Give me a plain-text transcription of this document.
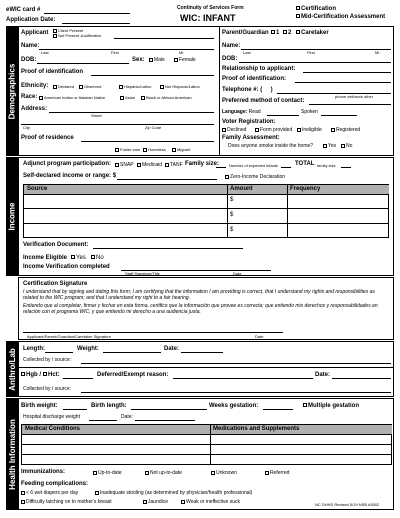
eWIC card #
Application Date:
Continuity of Services Form
WIC: INFANT
Certification
Mid-Certification Assessment
Demographics
Applicant	Client Present
Not Present Justification
Name:
Last	First	MI
DOB:	Sex:	Male	Female
Proof of identification
Ethnicity:	Declared	Observed	Hispanic/Latino	Not Hispanic/Latino
Race:	American Indian or Alaskan Native	Asian	Black or African American
Address:
Street
City	Zip Code
Proof of residence
Foster care	Homeless	Migrant
Parent/Guardian	1	2	Caretaker
Name:
Last	First	MI
DOB:
Relationship to applicant:
Proof of identification:
Telephone #: (     )
phone cell/work other
Preferred method of contact:
Language: Read	Spoken
Voter Registration:
Declined	Form provided	Ineligible	Registered
Family Assessment:
Does anyone smoke inside the home?	Yes	No
Income
Adjunct program participation:	SNAP	Medicaid	TANF Family size: Number of expected infants	TOTAL family size
Self-declared income or range: $	Zero-Income Declaration
Source	Amount	Frequency
$
$
$
Verification Document:
Income Eligible	Yes	No
Income Verification completed
Staff Signature/Title	Date
Certification Signature
I understand that by signing and dating this form; I am certifying that the information I am providing is correct, that I understand my rights and responsibilities as related to the WIC program; and that I understand my right to a fair hearing.
Entiendo que al completar, firmar y fechar en esta forma, certifico que la información que provee es correcta; que entiendo mis derechos y responsabilidades en relación con el programa WIC; y que entiendo mi derecho a una audiencia justa.
Applicant/Parent/Guardian/Caretaker Signature	Date
Anthro/Lab Length:	Weight:	Date:
Collected by / source:
Hgb /	Hct:	Deferred/Exempt reason:	Date:
Collected by / source:
Health Information
Birth weight:	Birth length:	Weeks gestation:	Multiple gestation
Hospital discharge weight	Date:
Medical Conditions	Medications and Supplements
Immunizations:	Up-to-date	Not up-to-date	Unknown	Referred
Feeding complications:
< 6 wet diapers per day	Inadequate stooling (as determined by physician/health professional)
Difficulty latching on to mother's breast	Jaundice	Weak or ineffective suck	NC DHHS Revised 5/19 NSB #3002
